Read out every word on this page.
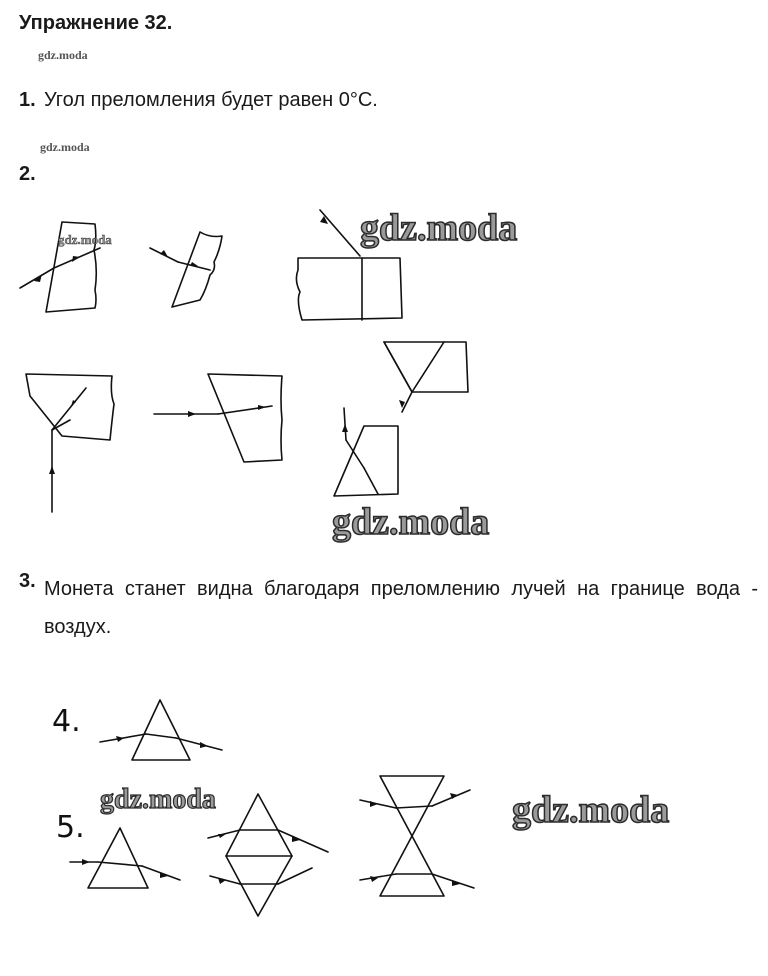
Упражнение 32.
gdz.moda
1. Угол преломления будет равен 0°С.
gdz.moda
2.
gdz.moda	gdz.moda
gdz.moda
3. Монета станет видна благодаря преломлению лучей на границе вода - воздух.
4.
5.
gdz.moda	gdz.moda
